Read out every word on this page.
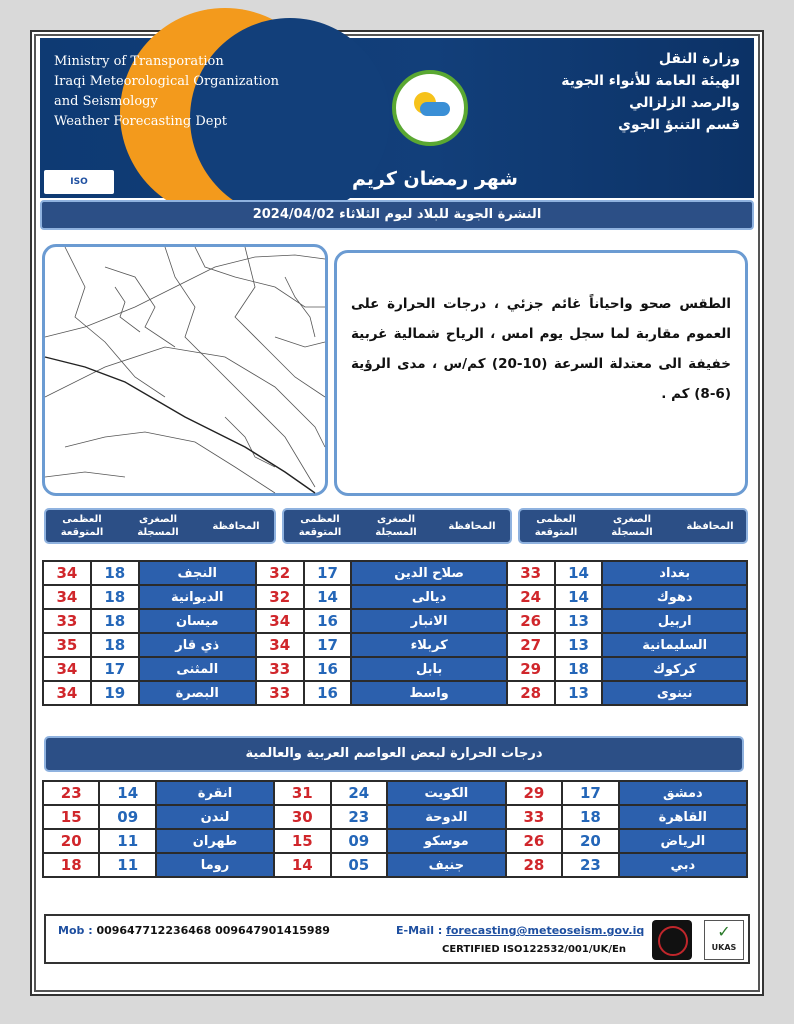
Ministry of Transporation
Iraqi Meteorological Organization
and Seismology
Weather Forecasting Dept
وزارة النقل
الهيئة العامة للأنواء الجوية
والرصد الزلزالي
قسم التنبؤ الجوي
شهر رمضان كريم
ISO
النشرة الجوية للبلاد ليوم الثلاثاء 2024/04/02
الطقس صحو واحياناً غائم جزئي ، درجات الحرارة على العموم مقاربة لما سجل يوم امس ، الرياح شمالية غربية خفيفة الى معتدلة السرعة (10-20) كم/س ، مدى الرؤية (6-8) كم .
العظمى
المتوقعة
الصغرى
المسجلة
المحافظة
العظمى
المتوقعة
الصغرى
المسجلة
المحافظة
العظمى
المتوقعة
الصغرى
المسجلة
المحافظة
34	18	النجف	32	17	صلاح الدين	33	14	بغداد
34	18	الديوانية	32	14	ديالى	24	14	دهوك
33	18	ميسان	34	16	الانبار	26	13	اربيل
35	18	ذي قار	34	17	كربلاء	27	13	السليمانية
34	17	المثنى	33	16	بابل	29	18	كركوك
34	19	البصرة	33	16	واسط	28	13	نينوى
درجات الحرارة لبعض العواصم العربية والعالمية
23	14	انقرة	31	24	الكويت	29	17	دمشق
15	09	لندن	30	23	الدوحة	33	18	القاهرة
20	11	طهران	15	09	موسكو	26	20	الرياض
18	11	روما	14	05	جنيف	28	23	دبي
Mob : 009647712236468 009647901415989	E-Mail : forecasting@meteoseism.gov.iq
CERTIFIED ISO122532/001/UK/En
✓
UKAS
